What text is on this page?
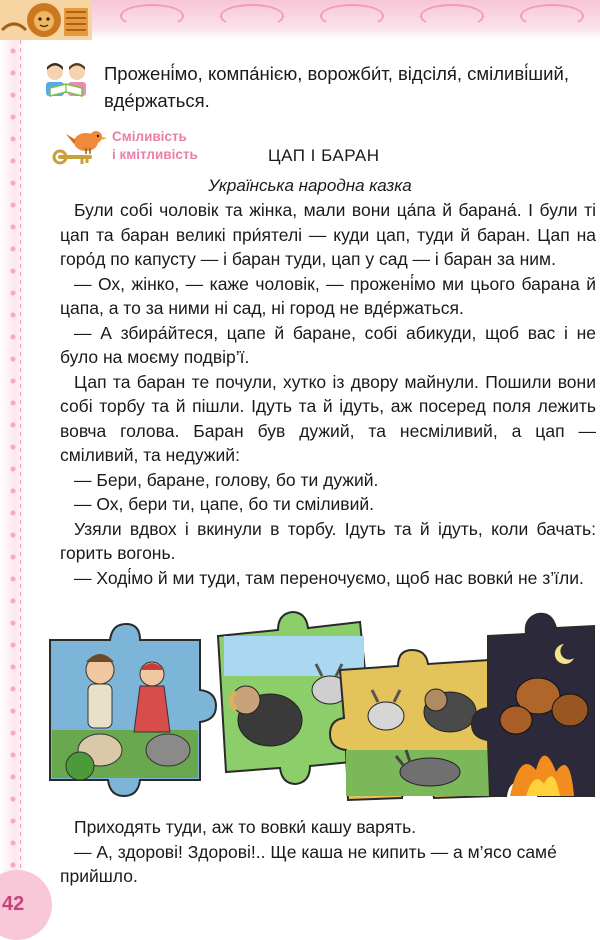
42
Прожені́мо, компа́нією, ворожби́т, відсіля́, сміливі́ший, вде́ржаться.
Сміливість
і кмітливість	ЦАП І БАРАН
Українська народна казка

Були собі чоловік та жінка, мали вони ца́па й барана́. І були ті цап та баран великі при́ятелі — куди цап, туди й баран. Цап на горо́д по капусту — і баран туди, цап у сад — і баран за ним.

— Ох, жінко, — каже чоловік, — прожені́мо ми цього барана й цапа, а то за ними ні сад, ні город не вде́ржаться.

— А збира́йтеся, цапе й баране, собі абикуди, щоб вас і не було на моєму подвір’ї.

Цап та баран те почули, хутко із двору майнули. Пошили вони собі торбу та й пішли. Ідуть та й ідуть, аж посеред поля лежить вовча голова. Баран був дужий, та несміливий, а цап — сміливий, та недужий:

— Бери, баране, голову, бо ти дужий.

— Ох, бери ти, цапе, бо ти сміливий.

Узяли вдвох і вкинули в торбу. Ідуть та й ідуть, коли бачать: горить вогонь.

— Ході́мо й ми туди, там переночуємо, щоб нас вовки́ не з’їли.

Приходять туди, аж то вовки́ кашу варять.

— А, здорові! Здорові!.. Ще каша не кипить — а м’ясо саме́ прийшло.
